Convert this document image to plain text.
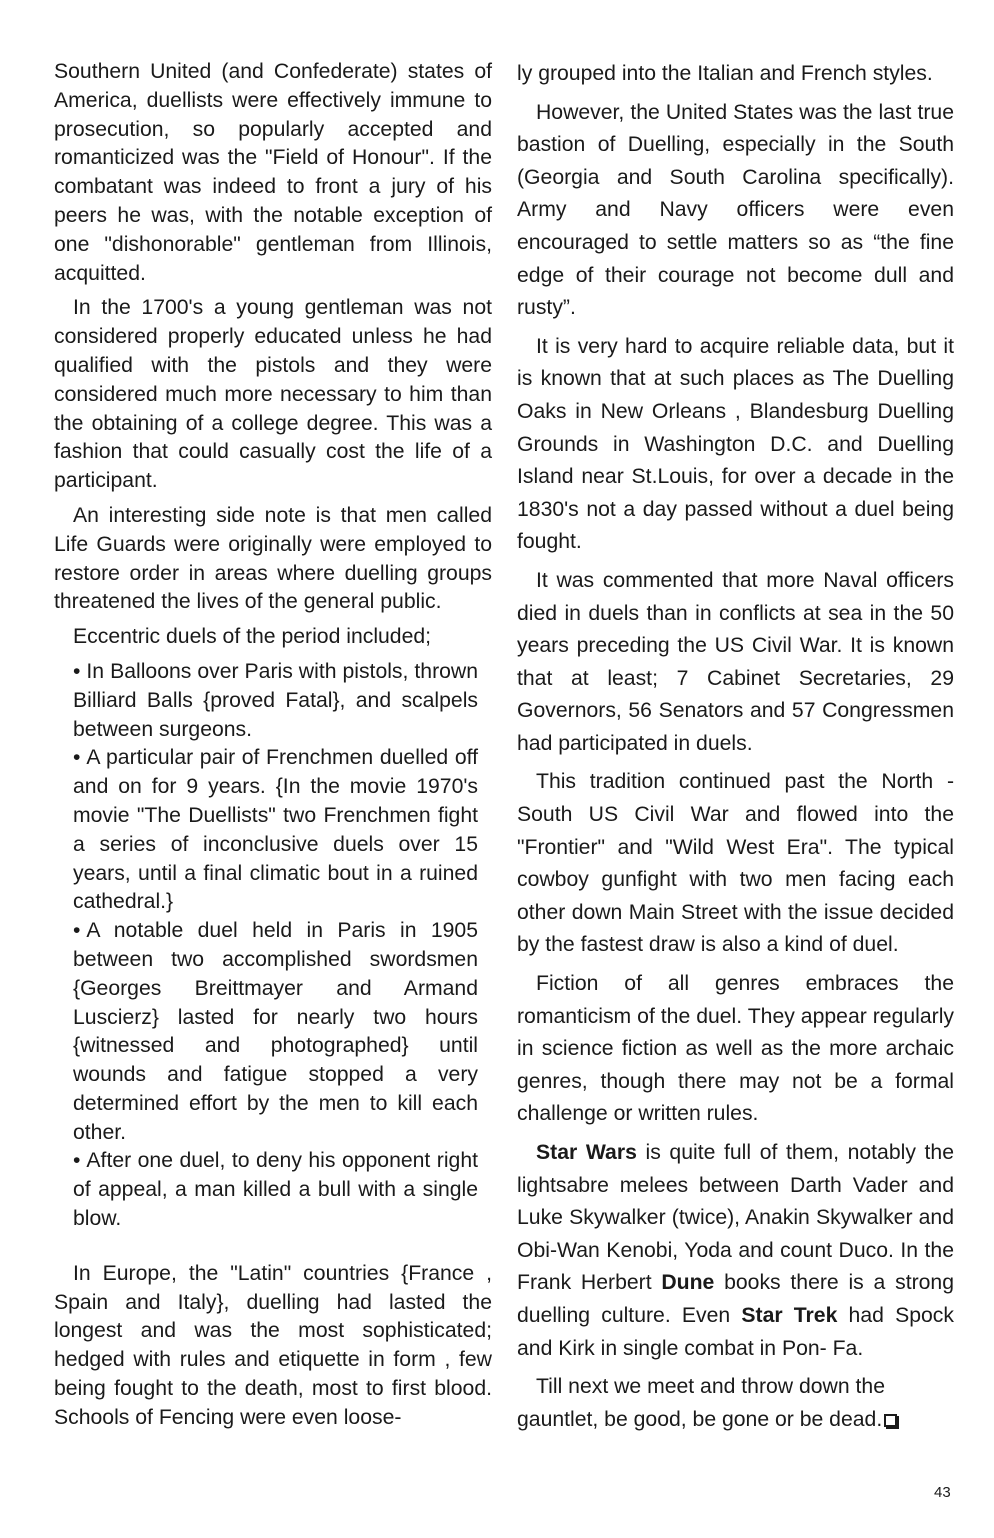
Southern United (and Confederate) states of America, duellists were effectively immune to prosecution, so popularly accepted and romanticized was the "Field of Honour". If the combatant was indeed to front a jury of his peers he was, with the notable exception of one "dishonorable" gentleman from Illinois, acquitted.

In the 1700's a young gentleman was not considered properly educated unless he had qualified with the pistols and they were considered much more necessary to him than the obtaining of a college degree. This was a fashion that could casually cost the life of a participant.

An interesting side note is that men called Life Guards were originally were employed to restore order in areas where duelling groups threatened the lives of the general public.

Eccentric duels of the period included;

• In Balloons over Paris with pistols, thrown Billiard Balls {proved Fatal}, and scalpels between surgeons.
• A particular pair of Frenchmen duelled off and on for 9 years. {In the movie 1970's movie "The Duellists" two Frenchmen fight a series of inconclusive duels over 15 years, until a final climatic bout in a ruined cathedral.}
• A notable duel held in Paris in 1905 between two accomplished swordsmen {Georges Breittmayer and Armand Luscierz} lasted for nearly two hours {witnessed and photographed} until wounds and fatigue stopped a very determined effort by the men to kill each other.
• After one duel, to deny his opponent right of appeal, a man killed a bull with a single blow.

In Europe, the "Latin" countries {France , Spain and Italy}, duelling had lasted the longest and was the most sophisticated; hedged with rules and etiquette in form , few being fought to the death, most to first blood. Schools of Fencing were even loose-

ly grouped into the Italian and French styles.

However, the United States was the last true bastion of Duelling, especially in the South (Georgia and South Carolina specifically). Army and Navy officers were even encouraged to settle matters so as “the fine edge of their courage not become dull and rusty”.

It is very hard to acquire reliable data, but it is known that at such places as The Duelling Oaks in New Orleans , Blandesburg Duelling Grounds in Washington D.C. and Duelling Island near St.Louis, for over a decade in the 1830's not a day passed without a duel being fought.

It was commented that more Naval officers died in duels than in conflicts at sea in the 50 years preceding the US Civil War. It is known that at least; 7 Cabinet Secretaries, 29 Governors, 56 Senators and 57 Congressmen had participated in duels.

This tradition continued past the North - South US Civil War and flowed into the "Frontier" and "Wild West Era". The typical cowboy gunfight with two men facing each other down Main Street with the issue decided by the fastest draw is also a kind of duel.

Fiction of all genres embraces the romanticism of the duel. They appear regularly in science fiction as well as the more archaic genres, though there may not be a formal challenge or written rules.

Star Wars is quite full of them, notably the lightsabre melees between Darth Vader and Luke Skywalker (twice), Anakin Skywalker and Obi-Wan Kenobi, Yoda and count Duco. In the Frank Herbert Dune books there is a strong duelling culture. Even Star Trek had Spock and Kirk in single combat in Pon- Fa.

Till next we meet and throw down the gauntlet, be good, be gone or be dead.

43
